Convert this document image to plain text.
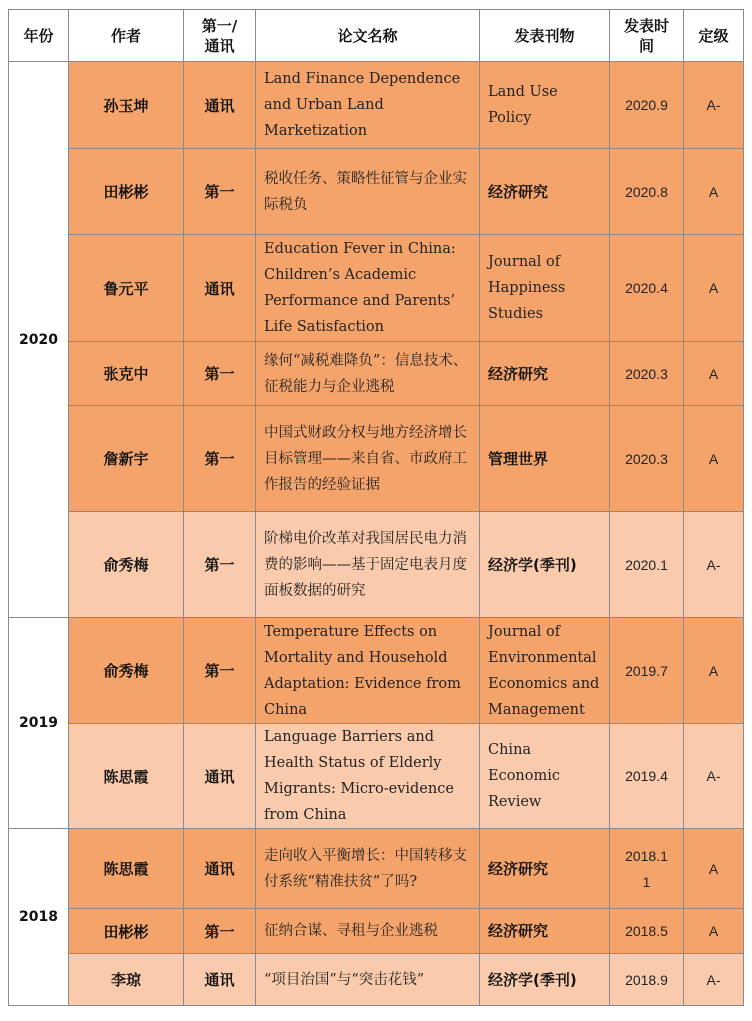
年份	作者	第一/通讯	论文名称	发表刊物	发表时间	定级
2020	孙玉坤	通讯	Land Finance Dependence and Urban Land Marketization	Land Use Policy	2020.9	A-
	田彬彬	第一	税收任务、策略性征管与企业实际税负	经济研究	2020.8	A
	鲁元平	通讯	Education Fever in China: Children’s Academic Performance and Parents’ Life Satisfaction	Journal of Happiness Studies	2020.4	A
	张克中	第一	缘何“减税难降负”：信息技术、征税能力与企业逃税	经济研究	2020.3	A
	詹新宇	第一	中国式财政分权与地方经济增长目标管理——来自省、市政府工作报告的经验证据	管理世界	2020.3	A
	俞秀梅	第一	阶梯电价改革对我国居民电力消费的影响——基于固定电表月度面板数据的研究	经济学(季刊)	2020.1	A-
2019	俞秀梅	第一	Temperature Effects on Mortality and Household Adaptation: Evidence from China	Journal of Environmental Economics and Management	2019.7	A
	陈思霞	通讯	Language Barriers and Health Status of Elderly Migrants: Micro-evidence from China	China Economic Review	2019.4	A-
2018	陈思霞	通讯	走向收入平衡增长：中国转移支付系统“精准扶贫”了吗?	经济研究	2018.11	A
	田彬彬	第一	征纳合谋、寻租与企业逃税	经济研究	2018.5	A
	李琼	通讯	“项目治国”与“突击花钱”	经济学(季刊)	2018.9	A-
